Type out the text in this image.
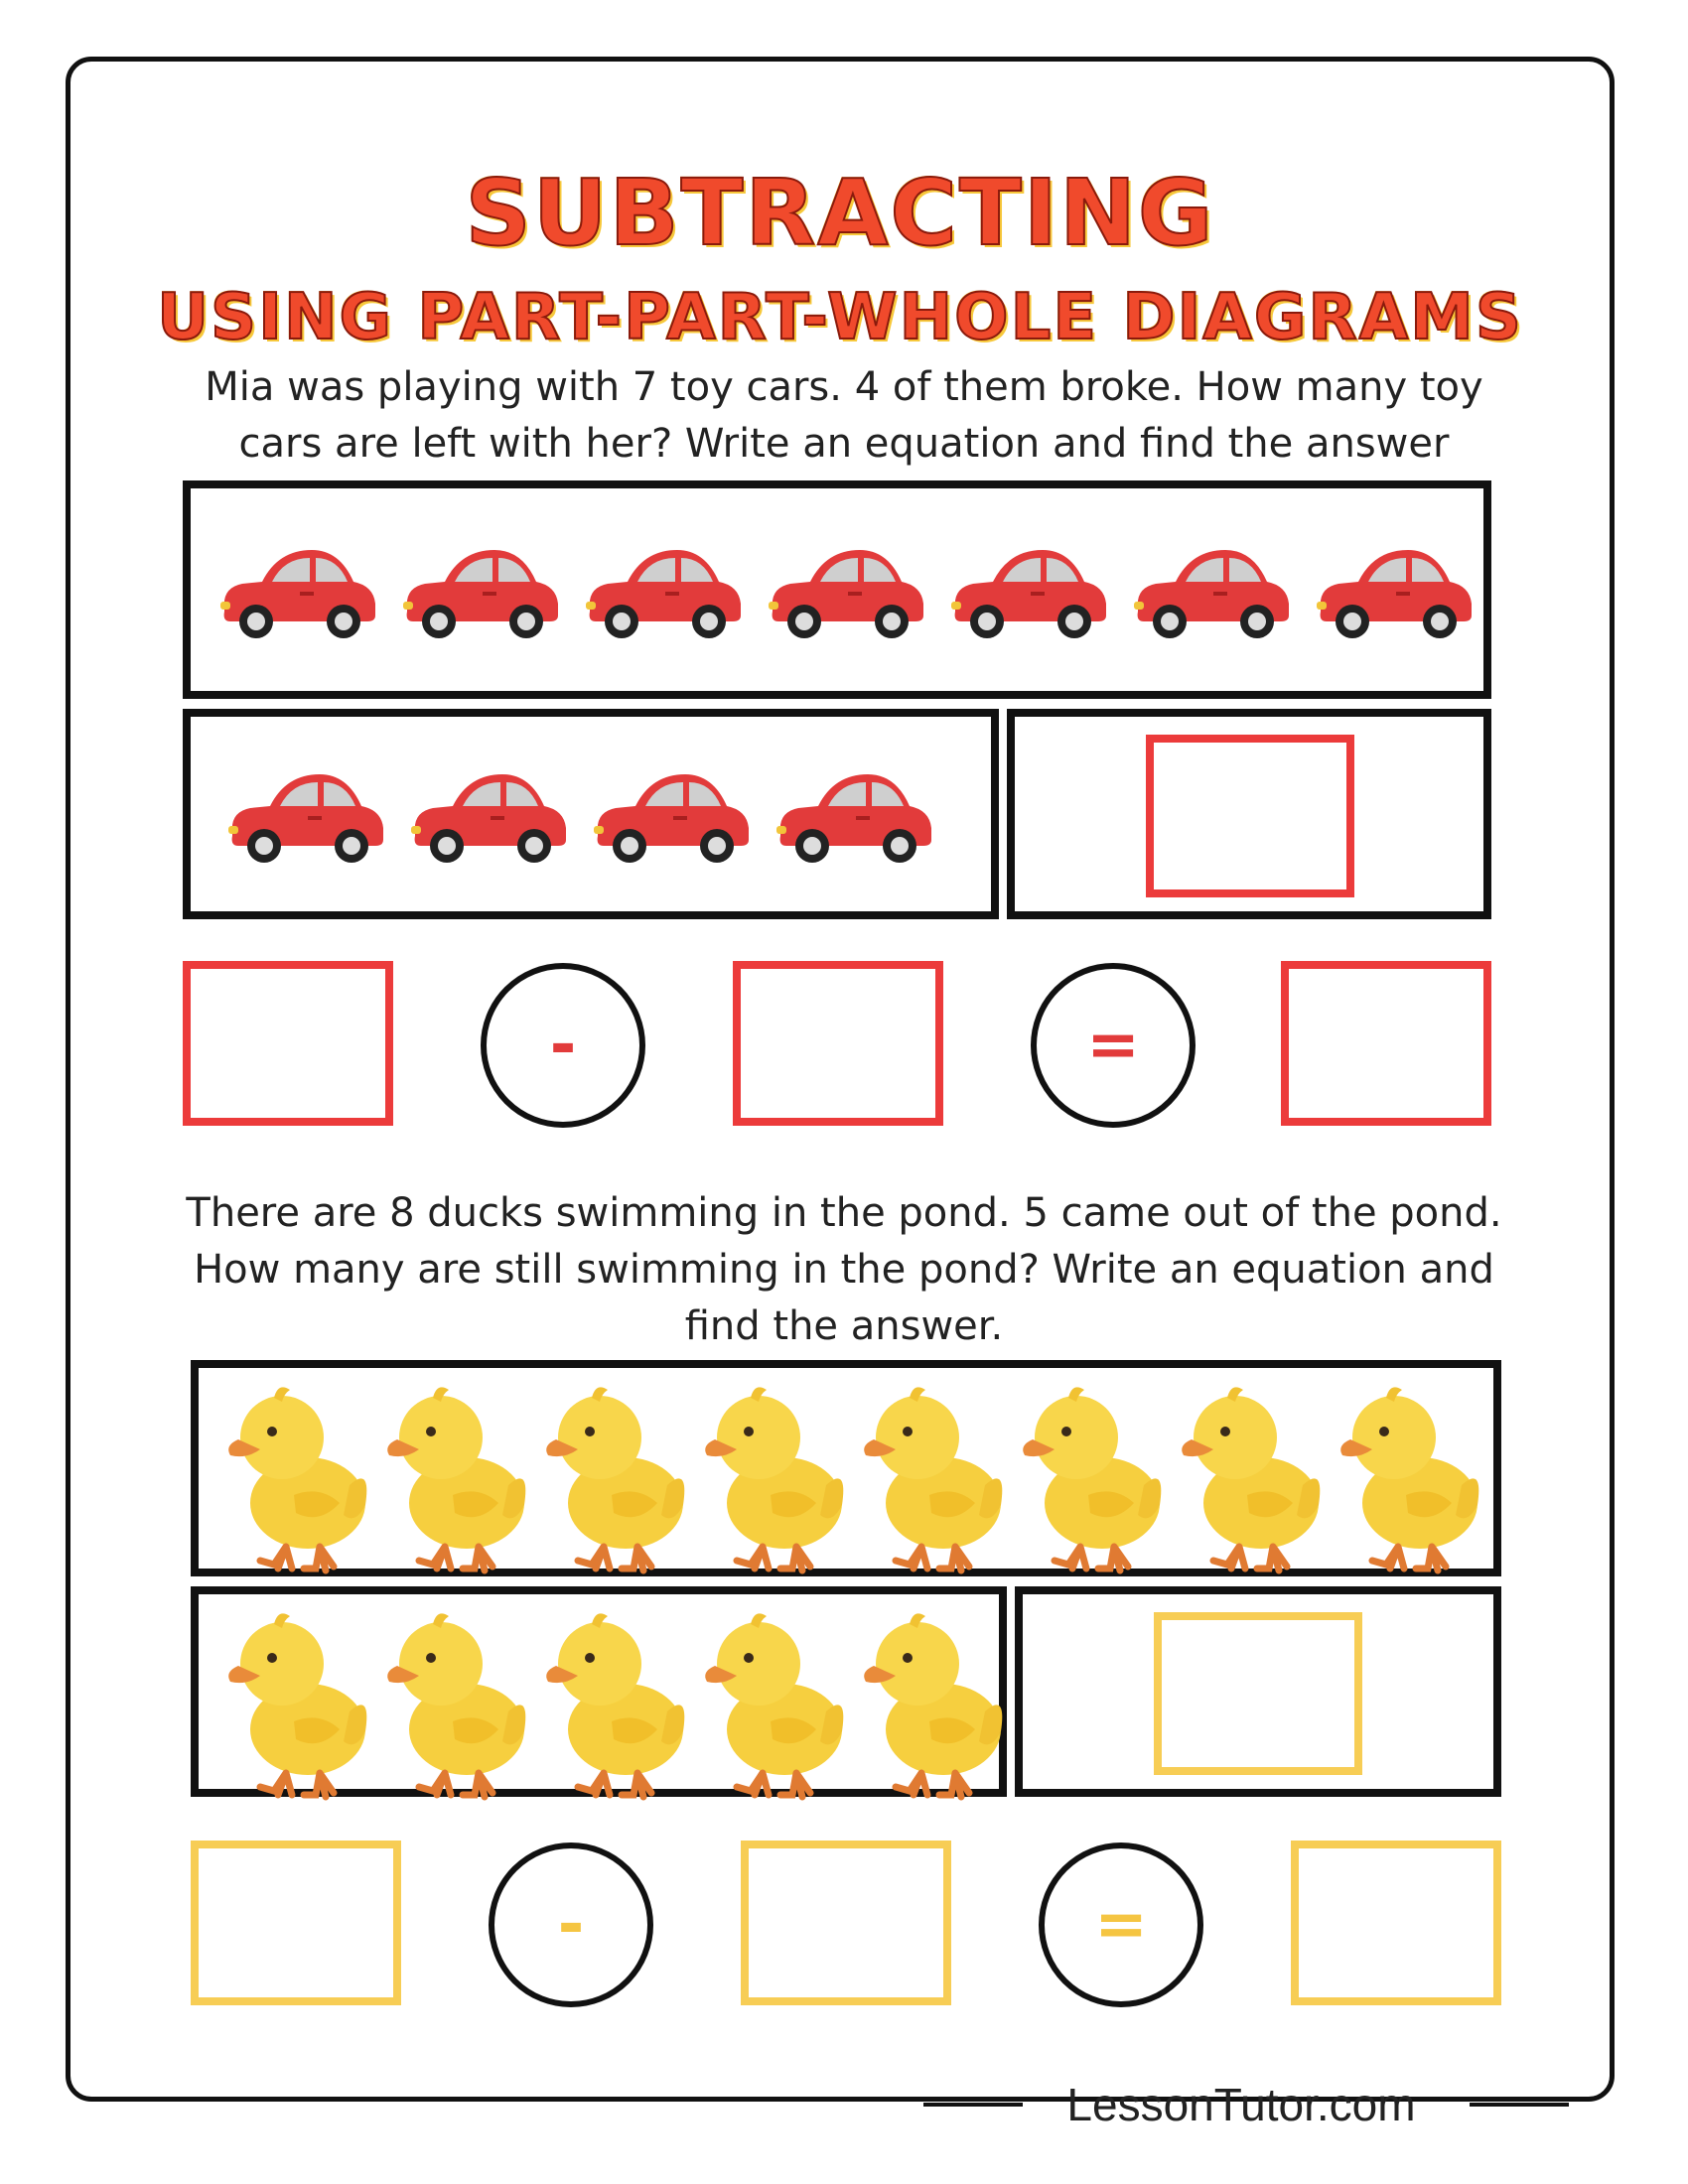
SUBTRACTING
USING PART-PART-WHOLE DIAGRAMS
Mia was playing with 7 toy cars. 4 of them broke. How many toy cars are left with her? Write an equation and find the answer
-	=
There are 8 ducks swimming in the pond. 5 came out of the pond. How many are still swimming in the pond? Write an equation and find the answer.
-	=
LessonTutor.com
